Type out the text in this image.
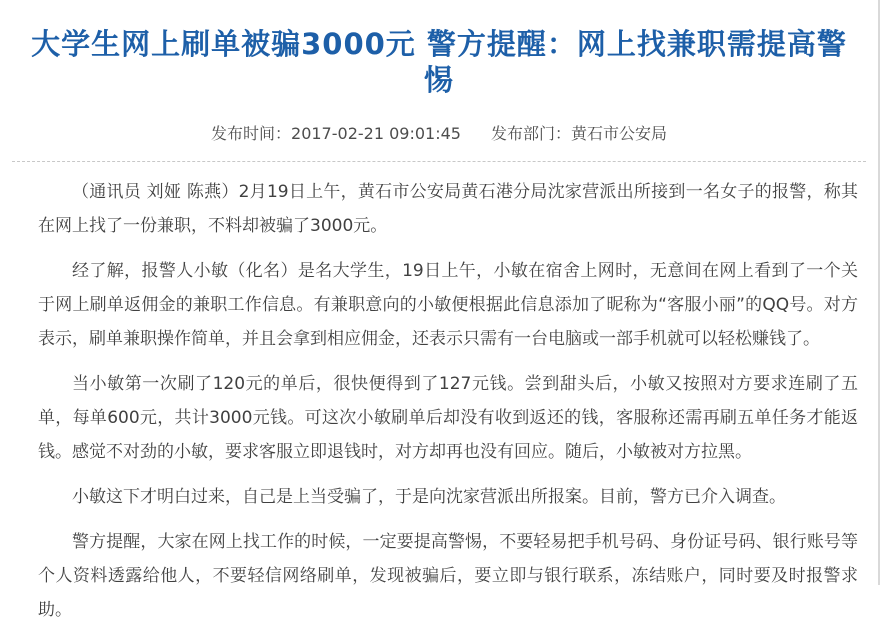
大学生网上刷单被骗3000元 警方提醒：网上找兼职需提高警惕
发布时间：2017-02-21 09:01:45 发布部门：黄石市公安局

（通讯员 刘娅 陈燕）2月19日上午，黄石市公安局黄石港分局沈家营派出所接到一名女子的报警，称其在网上找了一份兼职，不料却被骗了3000元。

经了解，报警人小敏（化名）是名大学生，19日上午，小敏在宿舍上网时，无意间在网上看到了一个关于网上刷单返佣金的兼职工作信息。有兼职意向的小敏便根据此信息添加了昵称为“客服小丽”的QQ号。对方表示，刷单兼职操作简单，并且会拿到相应佣金，还表示只需有一台电脑或一部手机就可以轻松赚钱了。

当小敏第一次刷了120元的单后，很快便得到了127元钱。尝到甜头后，小敏又按照对方要求连刷了五单，每单600元，共计3000元钱。可这次小敏刷单后却没有收到返还的钱，客服称还需再刷五单任务才能返钱。感觉不对劲的小敏，要求客服立即退钱时，对方却再也没有回应。随后，小敏被对方拉黑。

小敏这下才明白过来，自己是上当受骗了，于是向沈家营派出所报案。目前，警方已介入调查。

警方提醒，大家在网上找工作的时候，一定要提高警惕，不要轻易把手机号码、身份证号码、银行账号等个人资料透露给他人，不要轻信网络刷单，发现被骗后，要立即与银行联系，冻结账户，同时要及时报警求助。
